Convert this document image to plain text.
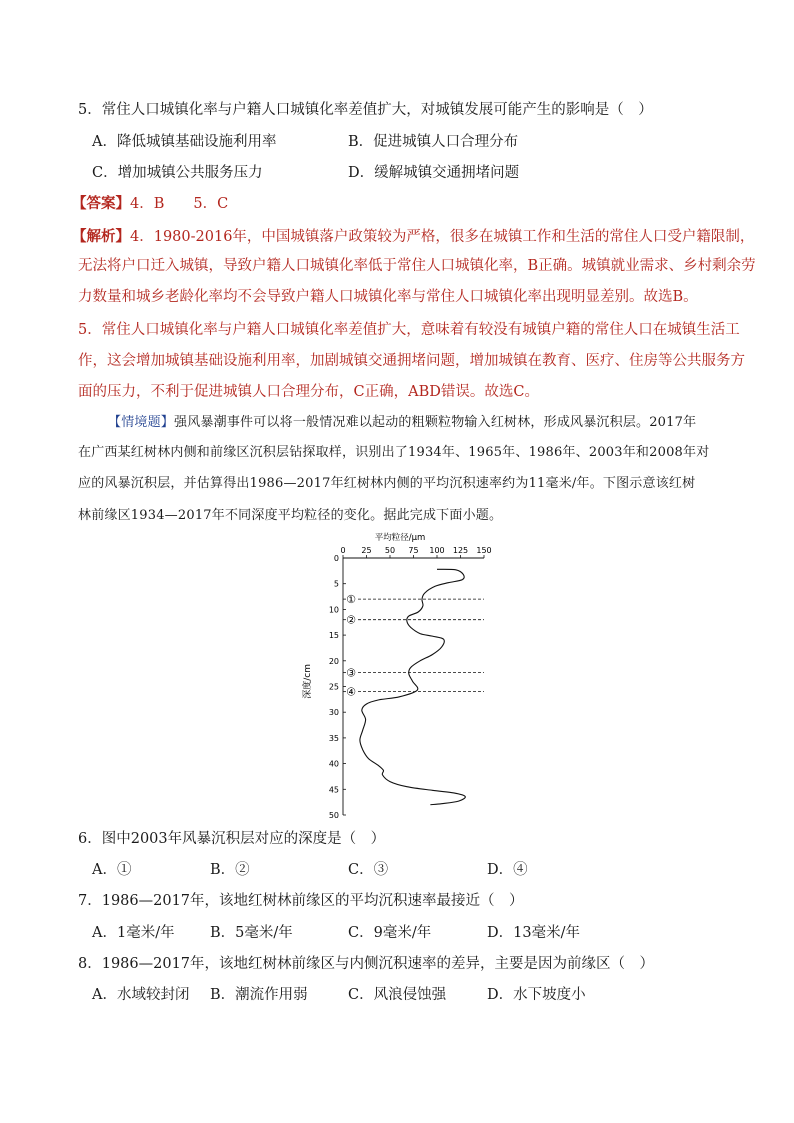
5．常住人口城镇化率与户籍人口城镇化率差值扩大，对城镇发展可能产生的影响是（　）
A．降低城镇基础设施利用率	B．促进城镇人口合理分布
C．增加城镇公共服务压力	D．缓解城镇交通拥堵问题
【答案】4．B　　5．C
【解析】4．1980-2016年，中国城镇落户政策较为严格，很多在城镇工作和生活的常住人口受户籍限制，
无法将户口迁入城镇，导致户籍人口城镇化率低于常住人口城镇化率，B正确。城镇就业需求、乡村剩余劳
力数量和城乡老龄化率均不会导致户籍人口城镇化率与常住人口城镇化率出现明显差别。故选B。
5．常住人口城镇化率与户籍人口城镇化率差值扩大，意味着有较没有城镇户籍的常住人口在城镇生活工
作，这会增加城镇基础设施利用率，加剧城镇交通拥堵问题，增加城镇在教育、医疗、住房等公共服务方
面的压力，不利于促进城镇人口合理分布，C正确，ABD错误。故选C。
【情境题】强风暴潮事件可以将一般情况难以起动的粗颗粒物输入红树林，形成风暴沉积层。2017年
在广西某红树林内侧和前缘区沉积层钻探取样，识别出了1934年、1965年、1986年、2003年和2008年对
应的风暴沉积层，并估算得出1986—2017年红树林内侧的平均沉积速率约为11毫米/年。下图示意该红树
林前缘区1934—2017年不同深度平均粒径的变化。据此完成下面小题。
平均粒径/μm
0 25 50 75 100 125 150
0
5
10
15
20
25
30
35
40
45
50
①
②
③
④
深度/cm
6．图中2003年风暴沉积层对应的深度是（　）
A．①	B．②	C．③	D．④
7．1986—2017年，该地红树林前缘区的平均沉积速率最接近（　）
A．1毫米/年 B．5毫米/年	C．9毫米/年	D．13毫米/年
8．1986—2017年，该地红树林前缘区与内侧沉积速率的差异，主要是因为前缘区（　）
A．水域较封闭 B．潮流作用弱	C．风浪侵蚀强	D．水下坡度小
